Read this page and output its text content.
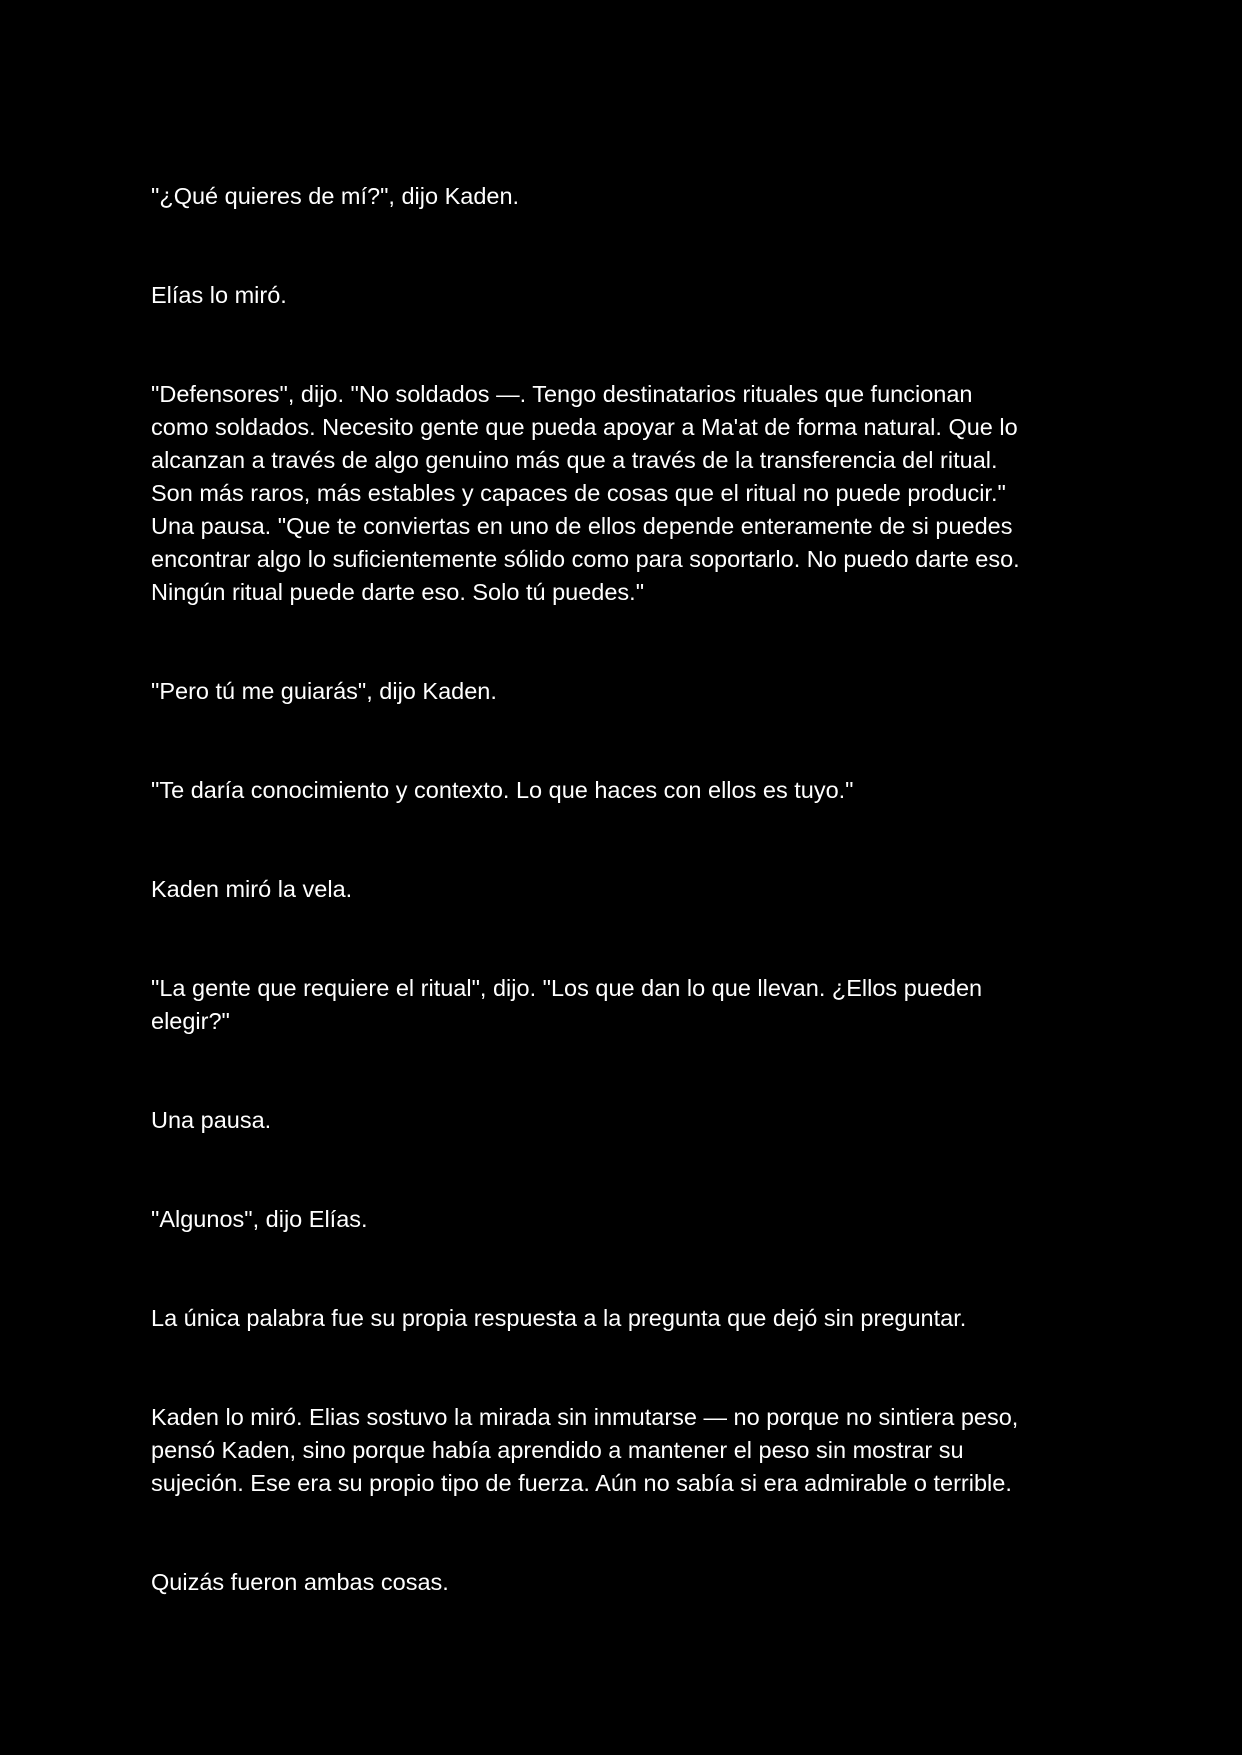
"¿Qué quieres de mí?", dijo Kaden.

Elías lo miró.

"Defensores", dijo. "No soldados —. Tengo destinatarios rituales que funcionan
como soldados. Necesito gente que pueda apoyar a Ma'at de forma natural. Que lo
alcanzan a través de algo genuino más que a través de la transferencia del ritual.
Son más raros, más estables y capaces de cosas que el ritual no puede producir."
Una pausa. "Que te conviertas en uno de ellos depende enteramente de si puedes
encontrar algo lo suficientemente sólido como para soportarlo. No puedo darte eso.
Ningún ritual puede darte eso. Solo tú puedes."

"Pero tú me guiarás", dijo Kaden.

"Te daría conocimiento y contexto. Lo que haces con ellos es tuyo."

Kaden miró la vela.

"La gente que requiere el ritual", dijo. "Los que dan lo que llevan. ¿Ellos pueden
elegir?"

Una pausa.

"Algunos", dijo Elías.

La única palabra fue su propia respuesta a la pregunta que dejó sin preguntar.

Kaden lo miró. Elias sostuvo la mirada sin inmutarse — no porque no sintiera peso,
pensó Kaden, sino porque había aprendido a mantener el peso sin mostrar su
sujeción. Ese era su propio tipo de fuerza. Aún no sabía si era admirable o terrible.

Quizás fueron ambas cosas.
